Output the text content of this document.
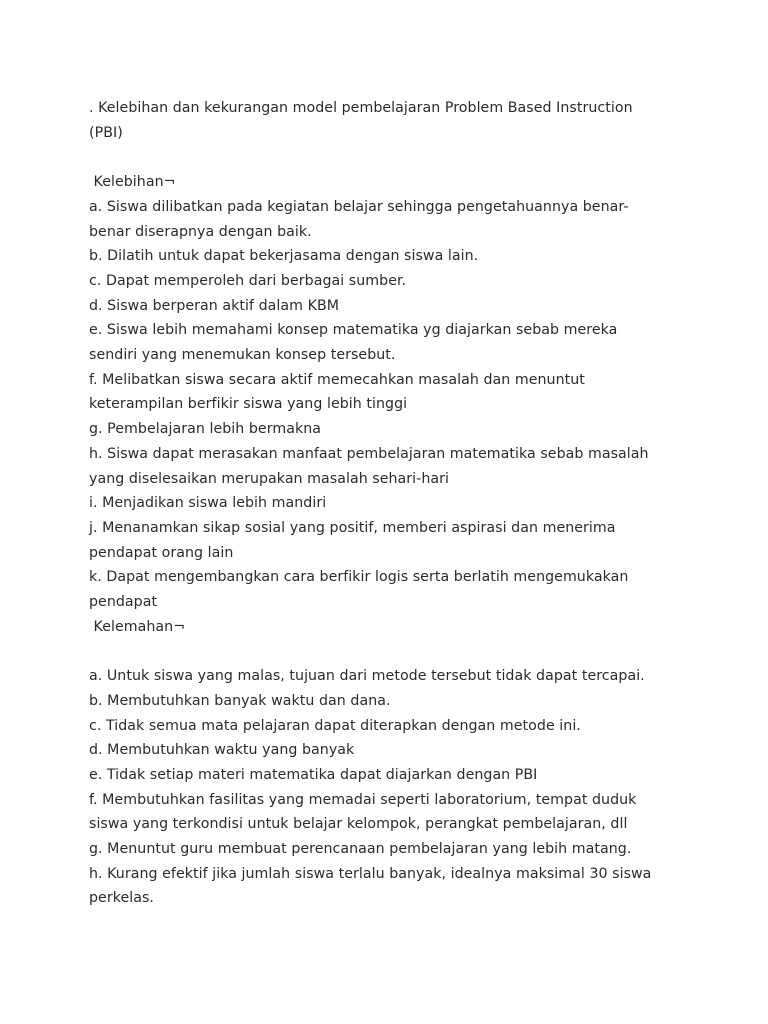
. Kelebihan dan kekurangan model pembelajaran Problem Based Instruction

(PBI)

Kelebihan¬

a. Siswa dilibatkan pada kegiatan belajar sehingga pengetahuannya benar-

benar diserapnya dengan baik.

b. Dilatih untuk dapat bekerjasama dengan siswa lain.

c. Dapat memperoleh dari berbagai sumber.

d. Siswa berperan aktif dalam KBM

e. Siswa lebih memahami konsep matematika yg diajarkan sebab mereka

sendiri yang menemukan konsep tersebut.

f. Melibatkan siswa secara aktif memecahkan masalah dan menuntut

keterampilan berfikir siswa yang lebih tinggi

g. Pembelajaran lebih bermakna

h. Siswa dapat merasakan manfaat pembelajaran matematika sebab masalah

yang diselesaikan merupakan masalah sehari-hari

i. Menjadikan siswa lebih mandiri

j. Menanamkan sikap sosial yang positif, memberi aspirasi dan menerima

pendapat orang lain

k. Dapat mengembangkan cara berfikir logis serta berlatih mengemukakan

pendapat

Kelemahan¬

a. Untuk siswa yang malas, tujuan dari metode tersebut tidak dapat tercapai.

b. Membutuhkan banyak waktu dan dana.

c. Tidak semua mata pelajaran dapat diterapkan dengan metode ini.

d. Membutuhkan waktu yang banyak

e. Tidak setiap materi matematika dapat diajarkan dengan PBI

f. Membutuhkan fasilitas yang memadai seperti laboratorium, tempat duduk

siswa yang terkondisi untuk belajar kelompok, perangkat pembelajaran, dll

g. Menuntut guru membuat perencanaan pembelajaran yang lebih matang.

h. Kurang efektif jika jumlah siswa terlalu banyak, idealnya maksimal 30 siswa

perkelas.
